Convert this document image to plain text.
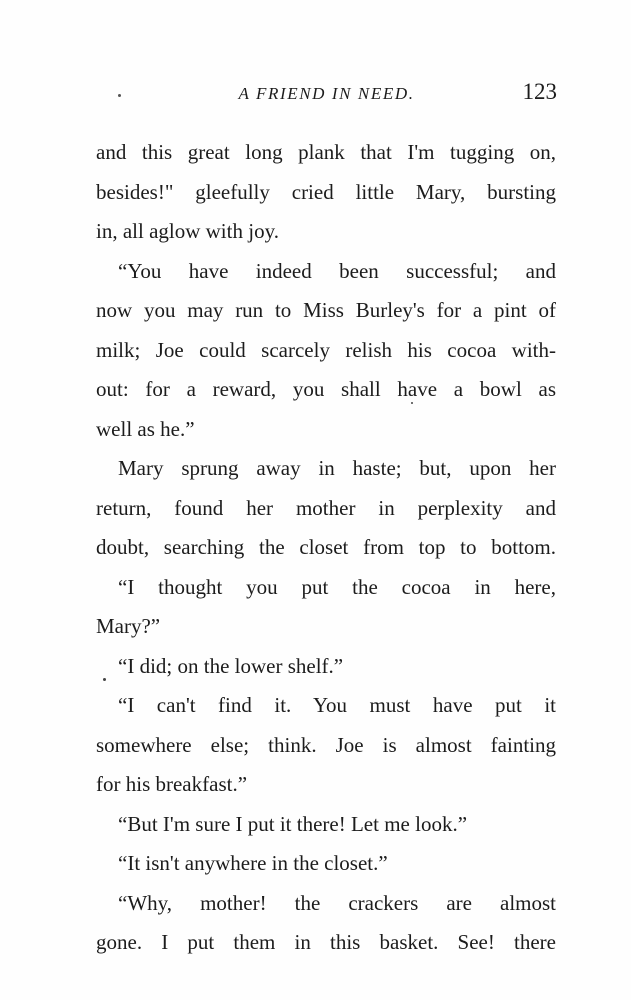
A FRIEND IN NEED.	123
and this great long plank that I'm tugging on,
besides!" gleefully cried little Mary, bursting
in, all aglow with joy.
“You have indeed been successful; and
now you may run to Miss Burley's for a pint of
milk; Joe could scarcely relish his cocoa with-
out: for a reward, you shall have a bowl as
well as he.”
Mary sprung away in haste; but, upon her
return, found her mother in perplexity and
doubt, searching the closet from top to bottom.
“I thought you put the cocoa in here,
Mary?”
“I did; on the lower shelf.”
“I can't find it. You must have put it
somewhere else; think. Joe is almost fainting
for his breakfast.”
“But I'm sure I put it there! Let me look.”
“It isn't anywhere in the closet.”
“Why, mother! the crackers are almost
gone. I put them in this basket. See! there
